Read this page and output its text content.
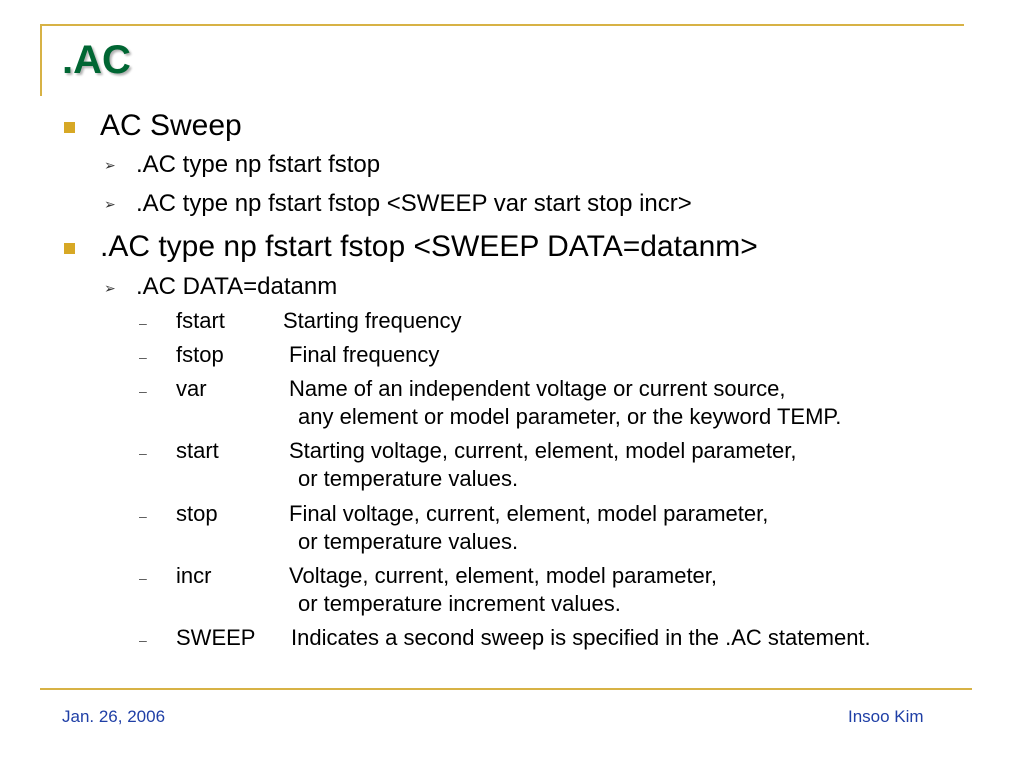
.AC
AC Sweep
➢ .AC type np fstart fstop
➢ .AC type np fstart fstop <SWEEP var start stop incr>
.AC type np fstart fstop <SWEEP DATA=datanm>
➢ .AC DATA=datanm
– fstart	Starting frequency
– fstop	Final frequency
– var	Name of an independent voltage or current source,
any element or model parameter, or the keyword TEMP.
– start	Starting voltage, current, element, model parameter,
or temperature values.
– stop	Final voltage, current, element, model parameter,
or temperature values.
– incr	Voltage, current, element, model parameter,
or temperature increment values.
– SWEEP Indicates a second sweep is specified in the .AC statement.
Jan. 26, 2006	Insoo Kim
